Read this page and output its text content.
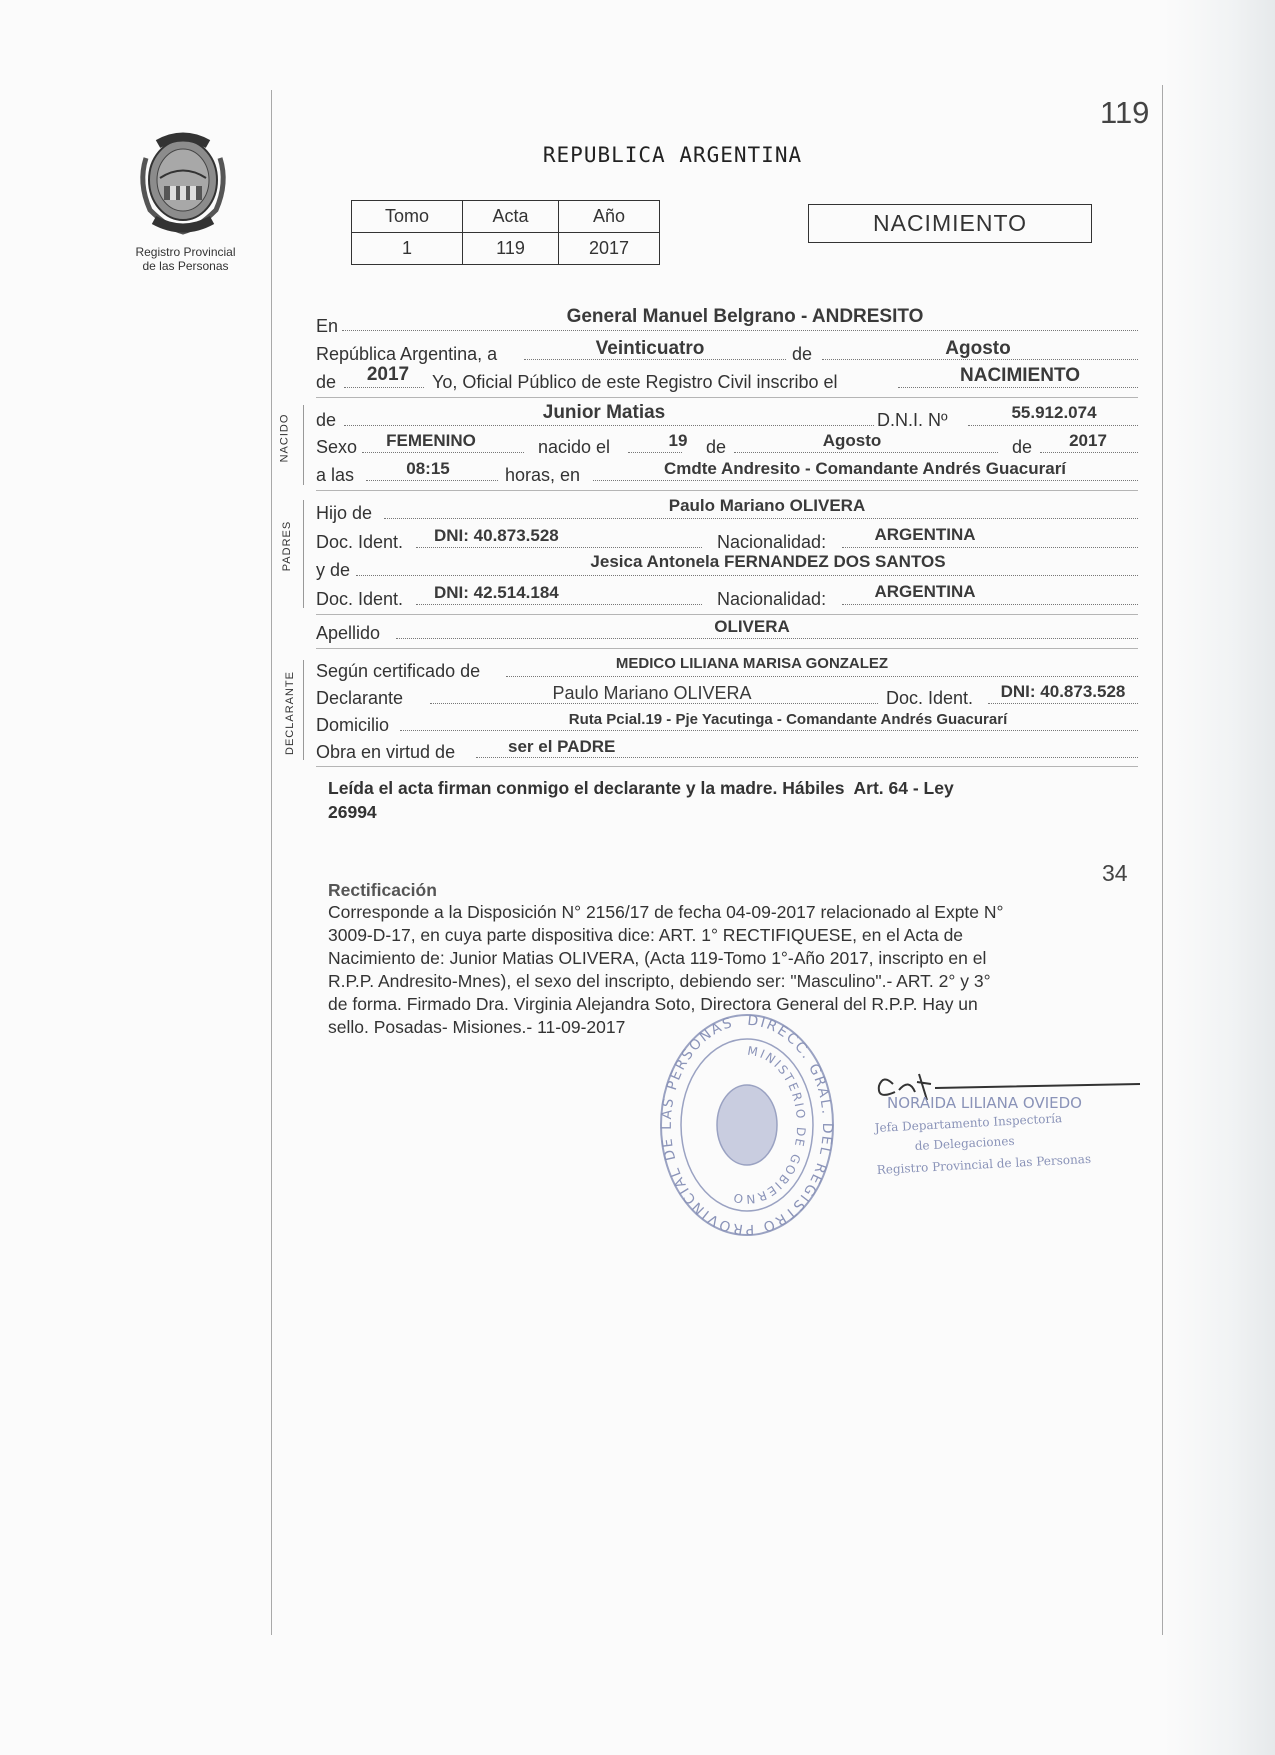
Registro Provincial
de las Personas
119
REPUBLICA ARGENTINA
Tomo	Acta	Año
1	119	2017
NACIMIENTO
En	General Manuel Belgrano - ANDRESITO
República Argentina, a	Veinticuatro	de	Agosto
de 2017 Yo, Oficial Público de este Registro Civil inscribo el	NACIMIENTO
NACIDO de	Junior Matias	D.N.I. Nº	55.912.074
Sexo FEMENINO	nacido el	19 de	Agosto	de 2017
a las	08:15	horas, en	Cmdte Andresito - Comandante Andrés Guacurarí
PADRES
Hijo de	Paulo Mariano OLIVERA
Doc. Ident. DNI: 40.873.528	Nacionalidad:	ARGENTINA
y de	Jesica Antonela FERNANDEZ DOS SANTOS
Doc. Ident. DNI: 42.514.184	Nacionalidad:	ARGENTINA
Apellido	OLIVERA
DECLARANTE
Según certificado de	MEDICO LILIANA MARISA GONZALEZ
Declarante	Paulo Mariano OLIVERA	Doc. Ident. DNI: 40.873.528
Domicilio	Ruta Pcial.19 - Pje Yacutinga - Comandante Andrés Guacurarí
Obra en virtud de	ser el PADRE
Leída el acta firman conmigo el declarante y la madre. Hábiles  Art. 64 - Ley
26994
34
Rectificación
Corresponde a la Disposición N° 2156/17 de fecha 04-09-2017 relacionado al Expte N°
3009-D-17, en cuya parte dispositiva dice: ART. 1° RECTIFIQUESE, en el Acta de
Nacimiento de: Junior Matias OLIVERA, (Acta 119-Tomo 1°-Año 2017, inscripto en el
R.P.P. Andresito-Mnes), el sexo del inscripto, debiendo ser: "Masculino".- ART. 2° y 3°
de forma. Firmado Dra. Virginia Alejandra Soto, Directora General del R.P.P. Hay un
sello. Posadas- Misiones.- 11-09-2017	DIRECC. GRAL. DEL REGISTRO PROVINCIAL DE LAS PERSONAS
MINISTERIO DE GOBIERNO
NORAIDA LILIANA OVIEDO
Jefa Departamento Inspectoría
de Delegaciones
Registro Provincial de las Personas
